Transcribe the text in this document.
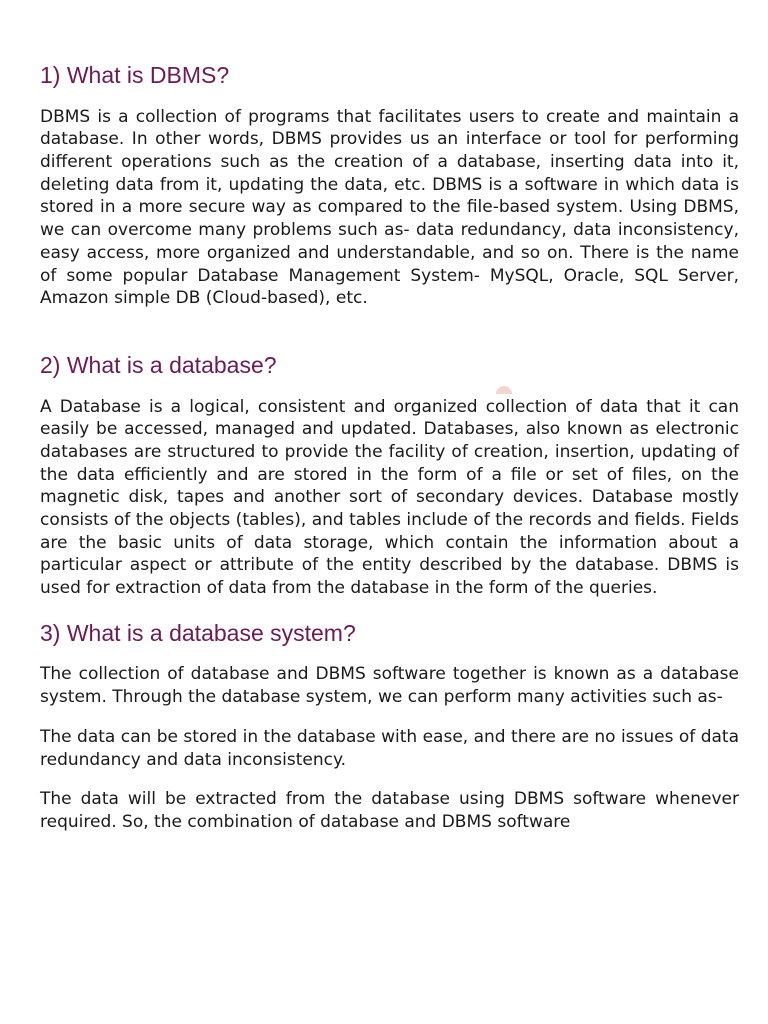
1) What is DBMS?

DBMS is a collection of programs that facilitates users to create and maintain a database. In other words, DBMS provides us an interface or tool for performing different operations such as the creation of a database, inserting data into it, deleting data from it, updating the data, etc. DBMS is a software in which data is stored in a more secure way as compared to the file-based system. Using DBMS, we can overcome many problems such as- data redundancy, data inconsistency, easy access, more organized and understandable, and so on. There is the name of some popular Database Management System- MySQL, Oracle, SQL Server, Amazon simple DB (Cloud-based), etc.

2) What is a database?

A Database is a logical, consistent and organized collection of data that it can easily be accessed, managed and updated. Databases, also known as electronic databases are structured to provide the facility of creation, insertion, updating of the data efficiently and are stored in the form of a file or set of files, on the magnetic disk, tapes and another sort of secondary devices. Database mostly consists of the objects (tables), and tables include of the records and fields. Fields are the basic units of data storage, which contain the information about a particular aspect or attribute of the entity described by the database. DBMS is used for extraction of data from the database in the form of the queries.

3) What is a database system?

The collection of database and DBMS software together is known as a database system. Through the database system, we can perform many activities such as-

The data can be stored in the database with ease, and there are no issues of data redundancy and data inconsistency.

The data will be extracted from the database using DBMS software whenever required. So, the combination of database and DBMS software
